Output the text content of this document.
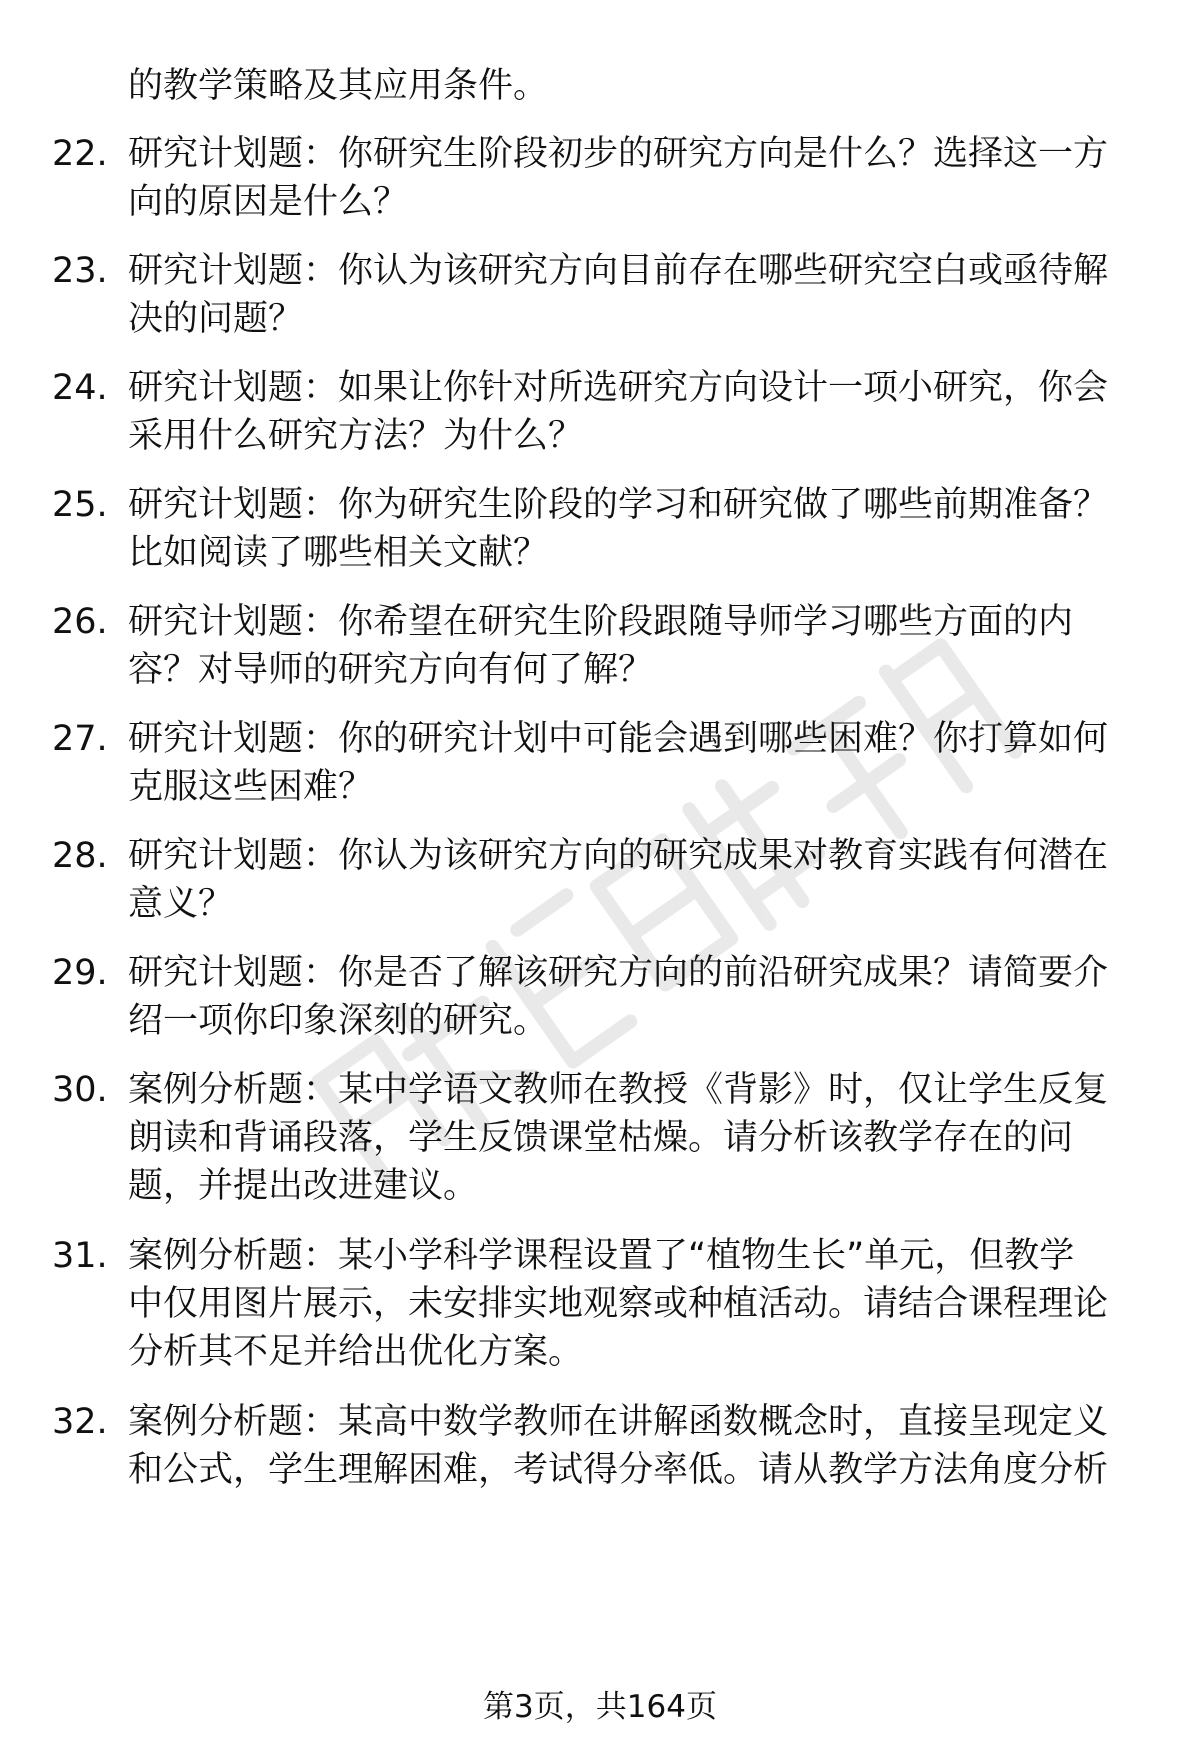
的教学策略及其应用条件。
22. 研究计划题：你研究生阶段初步的研究方向是什么？选择这一方
向的原因是什么？
23. 研究计划题：你认为该研究方向目前存在哪些研究空白或亟待解
决的问题？
24. 研究计划题：如果让你针对所选研究方向设计一项小研究，你会
采用什么研究方法？为什么？
25. 研究计划题：你为研究生阶段的学习和研究做了哪些前期准备？
比如阅读了哪些相关文献？
26. 研究计划题：你希望在研究生阶段跟随导师学习哪些方面的内
容？对导师的研究方向有何了解？
27. 研究计划题：你的研究计划中可能会遇到哪些困难？你打算如何
克服这些困难？
28. 研究计划题：你认为该研究方向的研究成果对教育实践有何潜在
意义？
29. 研究计划题：你是否了解该研究方向的前沿研究成果？请简要介
绍一项你印象深刻的研究。
30. 案例分析题：某中学语文教师在教授《背影》时，仅让学生反复
朗读和背诵段落，学生反馈课堂枯燥。请分析该教学存在的问
题，并提出改进建议。
31. 案例分析题：某小学科学课程设置了“植物生长”单元，但教学
中仅用图片展示，未安排实地观察或种植活动。请结合课程理论
分析其不足并给出优化方案。
32. 案例分析题：某高中数学教师在讲解函数概念时，直接呈现定义
和公式，学生理解困难，考试得分率低。请从教学方法角度分析
第3页，共164页
